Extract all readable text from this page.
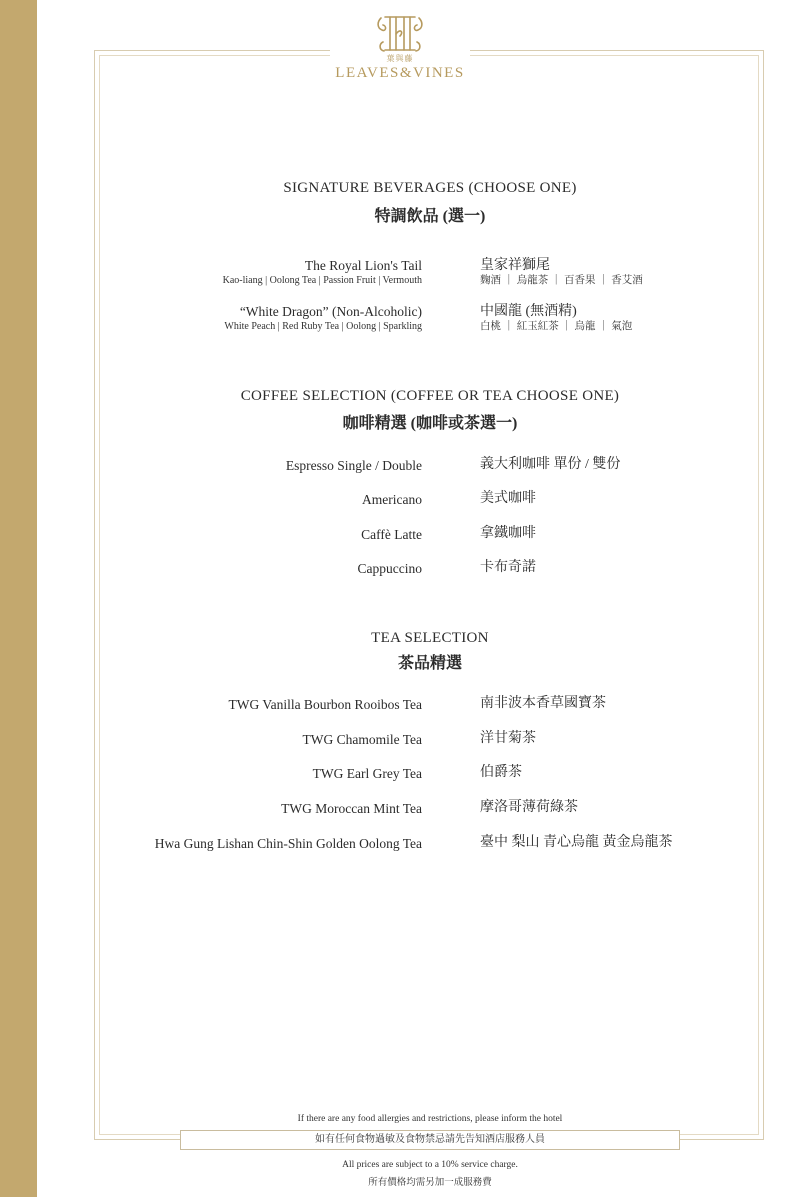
葉與藤
LEAVES&VINES
SIGNATURE BEVERAGES (CHOOSE ONE)
特調飲品 (選一)
The Royal Lion's Tail
Kao-liang | Oolong Tea | Passion Fruit | Vermouth
皇家祥獅尾
麴酒 ｜ 烏龍茶 ｜ 百香果 ｜ 香艾酒
“White Dragon” (Non-Alcoholic)
White Peach | Red Ruby Tea | Oolong | Sparkling
中國龍 (無酒精)
白桃 ｜ 紅玉紅茶 ｜ 烏龍 ｜ 氣泡
COFFEE SELECTION (COFFEE OR TEA CHOOSE ONE)
咖啡精選 (咖啡或茶選一)
Espresso Single / Double	義大利咖啡 單份 / 雙份
Americano	美式咖啡
Caffè Latte	拿鐵咖啡
Cappuccino	卡布奇諾
TEA SELECTION
茶品精選
TWG Vanilla Bourbon Rooibos Tea	南非波本香草國寶茶
TWG Chamomile Tea	洋甘菊茶
TWG Earl Grey Tea	伯爵茶
TWG Moroccan Mint Tea	摩洛哥薄荷綠茶
Hwa Gung Lishan Chin-Shin Golden Oolong Tea	臺中 梨山 青心烏龍 黃金烏龍茶
If there are any food allergies and restrictions, please inform the hotel
如有任何食物過敏及食物禁忌請先告知酒店服務人員
All prices are subject to a 10% service charge.
所有價格均需另加一成服務費
